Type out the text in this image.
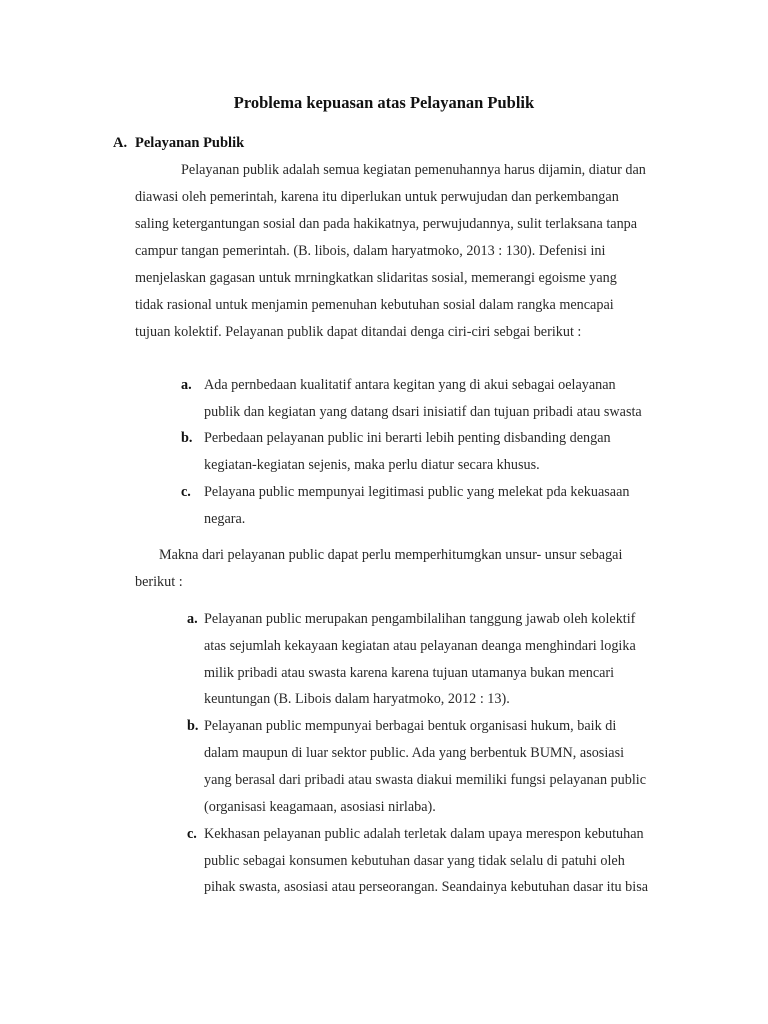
Problema kepuasan atas Pelayanan Publik
A. Pelayanan Publik
Pelayanan publik adalah semua kegiatan pemenuhannya harus dijamin, diatur dan
diawasi oleh pemerintah, karena itu diperlukan untuk perwujudan dan perkembangan
saling ketergantungan sosial dan pada hakikatnya, perwujudannya, sulit terlaksana tanpa
campur tangan pemerintah. (B. libois, dalam haryatmoko, 2013 : 130). Defenisi ini
menjelaskan gagasan untuk mrningkatkan slidaritas sosial, memerangi egoisme yang
tidak rasional untuk menjamin pemenuhan kebutuhan sosial dalam rangka mencapai
tujuan kolektif. Pelayanan publik dapat ditandai denga ciri-ciri sebgai berikut :
a. Ada pernbedaan kualitatif antara kegitan yang di akui sebagai oelayanan
publik dan kegiatan yang datang dsari inisiatif dan tujuan pribadi atau swasta
b. Perbedaan pelayanan public ini berarti lebih penting disbanding dengan
kegiatan-kegiatan sejenis, maka perlu diatur secara khusus.
c. Pelayana public mempunyai legitimasi public yang melekat pda kekuasaan
negara.
Makna dari pelayanan public dapat perlu memperhitumgkan unsur- unsur sebagai
berikut :
a. Pelayanan public merupakan pengambilalihan tanggung jawab oleh kolektif
atas sejumlah kekayaan kegiatan atau pelayanan deanga menghindari logika
milik pribadi atau swasta karena karena tujuan utamanya bukan mencari
keuntungan (B. Libois dalam haryatmoko, 2012 : 13).
b. Pelayanan public mempunyai berbagai bentuk organisasi hukum, baik di
dalam maupun di luar sektor public. Ada yang berbentuk BUMN, asosiasi
yang berasal dari pribadi atau swasta diakui memiliki fungsi pelayanan public
(organisasi keagamaan, asosiasi nirlaba).
c. Kekhasan pelayanan public adalah terletak dalam upaya merespon kebutuhan
public sebagai konsumen kebutuhan dasar yang tidak selalu di patuhi oleh
pihak swasta, asosiasi atau perseorangan. Seandainya kebutuhan dasar itu bisa
